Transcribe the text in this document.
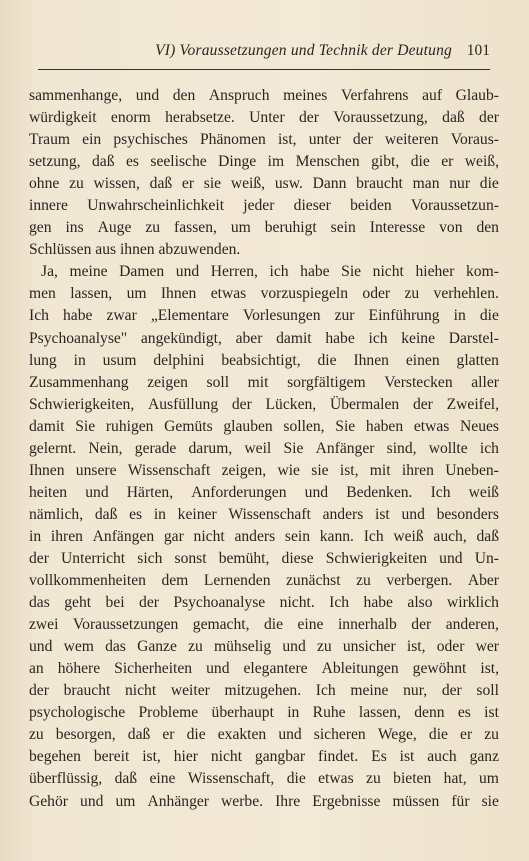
VI) Voraussetzungen und Technik der Deutung 101
sammenhange, und den Anspruch meines Verfahrens auf Glaub-
würdigkeit enorm herabsetze. Unter der Voraussetzung, daß der
Traum ein psychisches Phänomen ist, unter der weiteren Voraus-
setzung, daß es seelische Dinge im Menschen gibt, die er weiß,
ohne zu wissen, daß er sie weiß, usw. Dann braucht man nur die
innere Unwahrscheinlichkeit jeder dieser beiden Voraussetzun-
gen ins Auge zu fassen, um beruhigt sein Interesse von den
Schlüssen aus ihnen abzuwenden.
Ja, meine Damen und Herren, ich habe Sie nicht hieher kom-
men lassen, um Ihnen etwas vorzuspiegeln oder zu verhehlen.
Ich habe zwar „Elementare Vorlesungen zur Einführung in die
Psychoanalyse" angekündigt, aber damit habe ich keine Darstel-
lung in usum delphini beabsichtigt, die Ihnen einen glatten
Zusammenhang zeigen soll mit sorgfältigem Verstecken aller
Schwierigkeiten, Ausfüllung der Lücken, Übermalen der Zweifel,
damit Sie ruhigen Gemüts glauben sollen, Sie haben etwas Neues
gelernt. Nein, gerade darum, weil Sie Anfänger sind, wollte ich
Ihnen unsere Wissenschaft zeigen, wie sie ist, mit ihren Uneben-
heiten und Härten, Anforderungen und Bedenken. Ich weiß
nämlich, daß es in keiner Wissenschaft anders ist und besonders
in ihren Anfängen gar nicht anders sein kann. Ich weiß auch, daß
der Unterricht sich sonst bemüht, diese Schwierigkeiten und Un-
vollkommenheiten dem Lernenden zunächst zu verbergen. Aber
das geht bei der Psychoanalyse nicht. Ich habe also wirklich
zwei Voraussetzungen gemacht, die eine innerhalb der anderen,
und wem das Ganze zu mühselig und zu unsicher ist, oder wer
an höhere Sicherheiten und elegantere Ableitungen gewöhnt ist,
der braucht nicht weiter mitzugehen. Ich meine nur, der soll
psychologische Probleme überhaupt in Ruhe lassen, denn es ist
zu besorgen, daß er die exakten und sicheren Wege, die er zu
begehen bereit ist, hier nicht gangbar findet. Es ist auch ganz
überflüssig, daß eine Wissenschaft, die etwas zu bieten hat, um
Gehör und um Anhänger werbe. Ihre Ergebnisse müssen für sie
